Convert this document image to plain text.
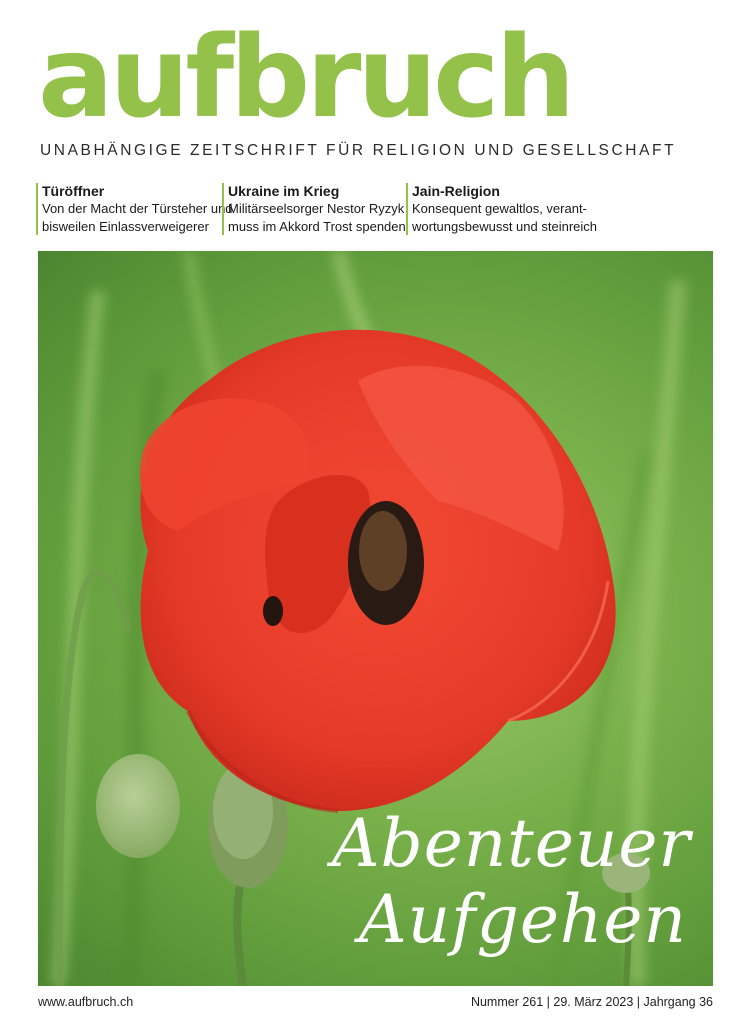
aufbruch
UNABHÄNGIGE ZEITSCHRIFT FÜR RELIGION UND GESELLSCHAFT
Türöffner
Von der Macht der Türsteher und
bisweilen Einlassverweigerer
Ukraine im Krieg
Militärseelsorger Nestor Ryzyk
muss im Akkord Trost spenden
Jain-Religion
Konsequent gewaltlos, verant-
wortungsbewusst und steinreich
Abenteuer
Aufgehen
www.aufbruch.ch	Nummer 261 | 29. März 2023 | Jahrgang 36
